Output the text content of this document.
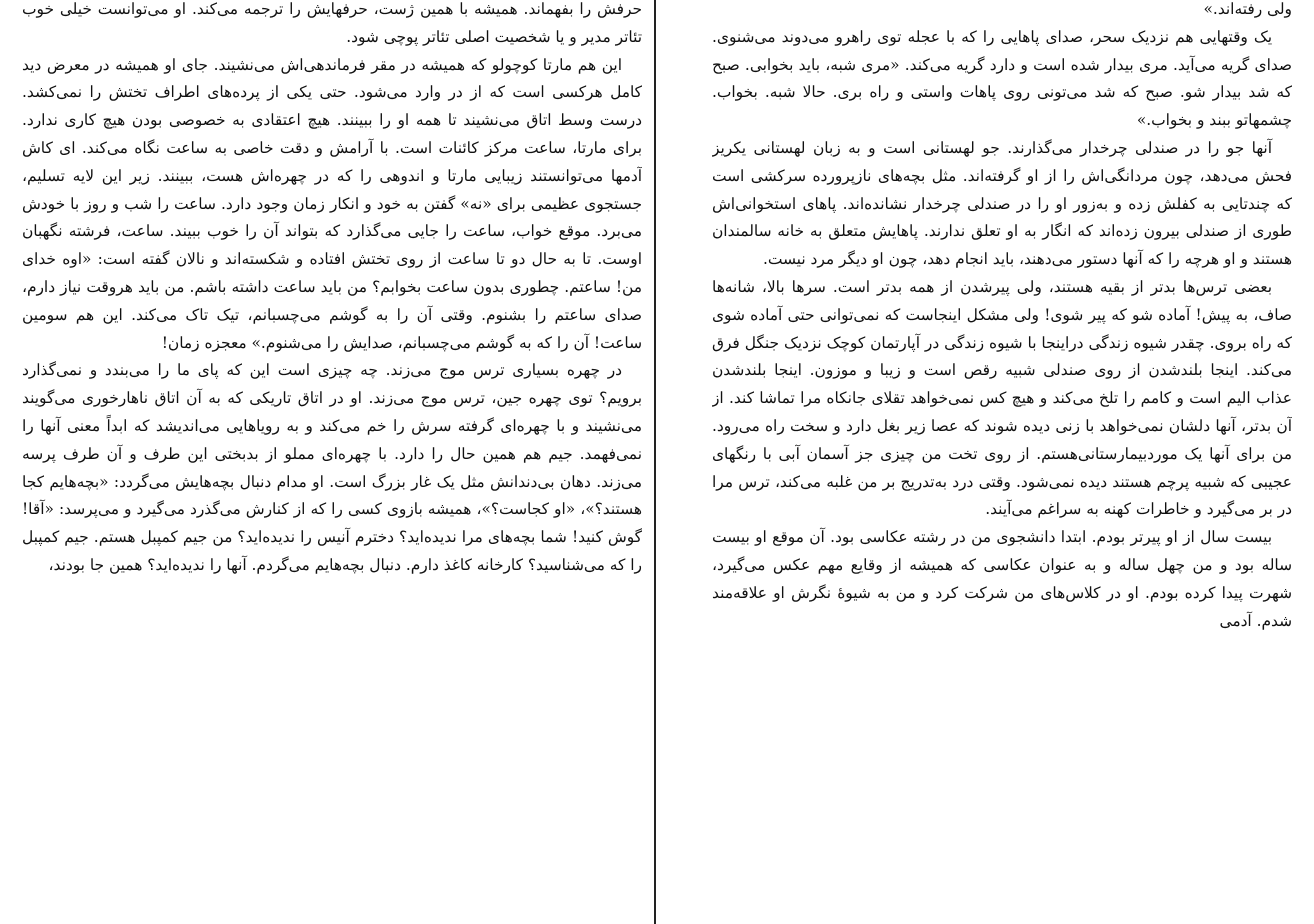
حرفش را بفهماند. همیشه با همین ژست، حرفهایش را ترجمه می‌کند. او می‌توانست خیلی خوب تئاتر مدیر و یا شخصیت اصلی تئاتر پوچی شود.

این هم مارتا کوچولو که همیشه در مقر فرماندهی‌اش می‌نشیند. جای او همیشه در معرض دید کامل هرکسی است که از در وارد می‌شود. حتی یکی از پرده‌های اطراف تختش را نمی‌کشد. درست وسط اتاق می‌نشیند تا همه او را ببینند. هیچ اعتقادی به خصوصی بودن هیچ کاری ندارد. برای مارتا، ساعت مرکز کائنات است. با آرامش و دقت خاصی به ساعت نگاه می‌کند. ای کاش آدمها می‌توانستند زیبایی مارتا و اندوهی را که در چهره‌اش هست، ببینند. زیر این لایه تسلیم، جستجوی عظیمی برای «نه» گفتن به خود و انکار زمان وجود دارد. ساعت را شب و روز با خودش می‌برد. موقع خواب، ساعت را جایی می‌گذارد که بتواند آن را خوب ببیند. ساعت، فرشته نگهبان اوست. تا به حال دو تا ساعت از روی تختش افتاده و شکسته‌اند و نالان گفته است: «اوه خدای من! ساعتم. چطوری بدون ساعت بخوابم؟ من باید ساعت داشته باشم. من باید هروقت نیاز دارم، صدای ساعتم را بشنوم. وقتی آن را به گوشم می‌چسبانم، تیک تاک می‌کند. این هم سومین ساعت! آن را که به گوشم می‌چسبانم، صدایش را می‌شنوم.» معجزه زمان!

در چهره بسیاری ترس موج می‌زند. چه چیزی است این که پای ما را می‌بندد و نمی‌گذارد برویم؟ توی چهره جین، ترس موج می‌زند. او در اتاق تاریکی که به آن اتاق ناهارخوری می‌گویند می‌نشیند و با چهره‌ای گرفته سرش را خم می‌کند و به رویاهایی می‌اندیشد که ابداً معنی آنها را نمی‌فهمد. جیم هم همین حال را دارد. با چهره‌ای مملو از بدبختی این طرف و آن طرف پرسه می‌زند. دهان بی‌دندانش مثل یک غار بزرگ است. او مدام دنبال بچه‌هایش می‌گردد: «بچه‌هایم کجا هستند؟»، «او کجاست؟»، همیشه بازوی کسی را که از کنارش می‌گذرد می‌گیرد و می‌پرسد: «آقا! گوش کنید! شما بچه‌های مرا ندیده‌اید؟ دخترم آنیس را ندیده‌اید؟ من جیم کمپبل هستم. جیم کمپبل را که می‌شناسید؟ کارخانه کاغذ دارم. دنبال بچه‌هایم می‌گردم. آنها را ندیده‌اید؟ همین جا بودند،

ولی رفته‌اند.»

یک وقتهایی هم نزدیک سحر، صدای پاهایی را که با عجله توی راهرو می‌دوند می‌شنوی. صدای گریه می‌آید. مری بیدار شده است و دارد گریه می‌کند. «مری شبه، باید بخوابی. صبح که شد بیدار شو. صبح که شد می‌تونی روی پاهات واستی و راه بری. حالا شبه. بخواب. چشمهاتو ببند و بخواب.»

آنها جو را در صندلی چرخدار می‌گذارند. جو لهستانی است و به زبان لهستانی یکریز فحش می‌دهد، چون مردانگی‌اش را از او گرفته‌اند. مثل بچه‌های نازپرورده سرکشی است که چندتایی به کفلش زده و به‌زور او را در صندلی چرخدار نشانده‌اند. پاهای استخوانی‌اش طوری از صندلی بیرون زده‌اند که انگار به او تعلق ندارند. پاهایش متعلق به خانه سالمندان هستند و او هرچه را که آنها دستور می‌دهند، باید انجام دهد، چون او دیگر مرد نیست.

بعضی ترس‌ها بدتر از بقیه هستند، ولی پیرشدن از همه بدتر است. سرها بالا، شانه‌ها صاف، به پیش! آماده شو که پیر شوی! ولی مشکل اینجاست که نمی‌توانی حتی آماده شوی که راه بروی. چقدر شیوه زندگی دراینجا با شیوه زندگی در آپارتمان کوچک نزدیک جنگل فرق می‌کند. اینجا بلندشدن از روی صندلی شبیه رقص است و زیبا و موزون. اینجا بلندشدن عذاب الیم است و کامم را تلخ می‌کند و هیچ کس نمی‌خواهد تقلای جانکاه مرا تماشا کند. از آن بدتر، آنها دلشان نمی‌خواهد با زنی دیده شوند که عصا زیر بغل دارد و سخت راه می‌رود. من برای آنها یک موردبیمارستانی‌هستم. از روی تخت من چیزی جز آسمان آبی با رنگهای عجیبی که شبیه پرچم هستند دیده نمی‌شود. وقتی درد به‌تدریج بر من غلبه می‌کند، ترس مرا در بر می‌گیرد و خاطرات کهنه به سراغم می‌آیند.

بیست سال از او پیرتر بودم. ابتدا دانشجوی من در رشته عکاسی بود. آن موقع او بیست ساله بود و من چهل ساله و به عنوان عکاسی که همیشه از وقایع مهم عکس می‌گیرد، شهرت پیدا کرده بودم. او در کلاس‌های من شرکت کرد و من به شیوهٔ نگرش او علاقه‌مند شدم. آدمی
